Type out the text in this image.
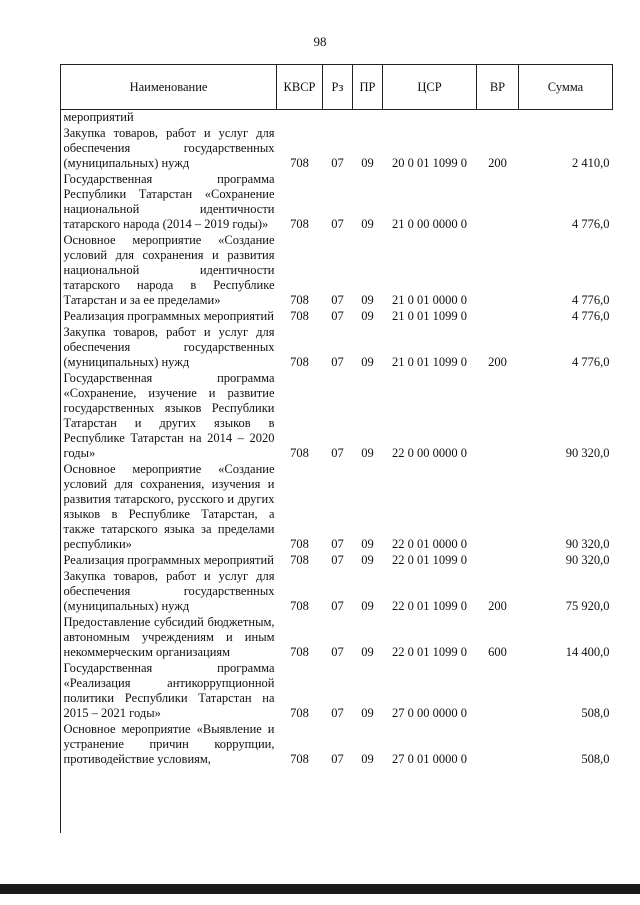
98
Наименование	КВСР	Рз	ПР	ЦСР	ВР	Сумма
мероприятий						
Закупка товаров, работ и услуг для обеспечения государственных (муниципальных) нужд	708	07	09	20 0 01 1099 0	200	2 410,0
Государственная программа Республики Татарстан «Сохранение национальной идентичности татарского народа (2014 – 2019 годы)»	708	07	09	21 0 00 0000 0		4 776,0
Основное мероприятие «Создание условий для сохранения и развития национальной идентичности татарского народа в Республике Татарстан и за ее пределами»	708	07	09	21 0 01 0000 0		4 776,0
Реализация программных мероприятий	708	07	09	21 0 01 1099 0		4 776,0
Закупка товаров, работ и услуг для обеспечения государственных (муниципальных) нужд	708	07	09	21 0 01 1099 0	200	4 776,0
Государственная программа «Сохранение, изучение и развитие государственных языков Республики Татарстан и других языков в Республике Татарстан на 2014 – 2020 годы»	708	07	09	22 0 00 0000 0		90 320,0
Основное мероприятие «Создание условий для сохранения, изучения и развития татарского, русского и других языков в Республике Татарстан, а также татарского языка за пределами республики»	708	07	09	22 0 01 0000 0		90 320,0
Реализация программных мероприятий	708	07	09	22 0 01 1099 0		90 320,0
Закупка товаров, работ и услуг для обеспечения государственных (муниципальных) нужд	708	07	09	22 0 01 1099 0	200	75 920,0
Предоставление субсидий бюджетным, автономным учреждениям и иным некоммерческим организациям	708	07	09	22 0 01 1099 0	600	14 400,0
Государственная программа «Реализация антикоррупционной политики Республики Татарстан на 2015 – 2021 годы»	708	07	09	27 0 00 0000 0		508,0
Основное мероприятие «Выявление и устранение причин коррупции, противодействие условиям,	708	07	09	27 0 01 0000 0		508,0
